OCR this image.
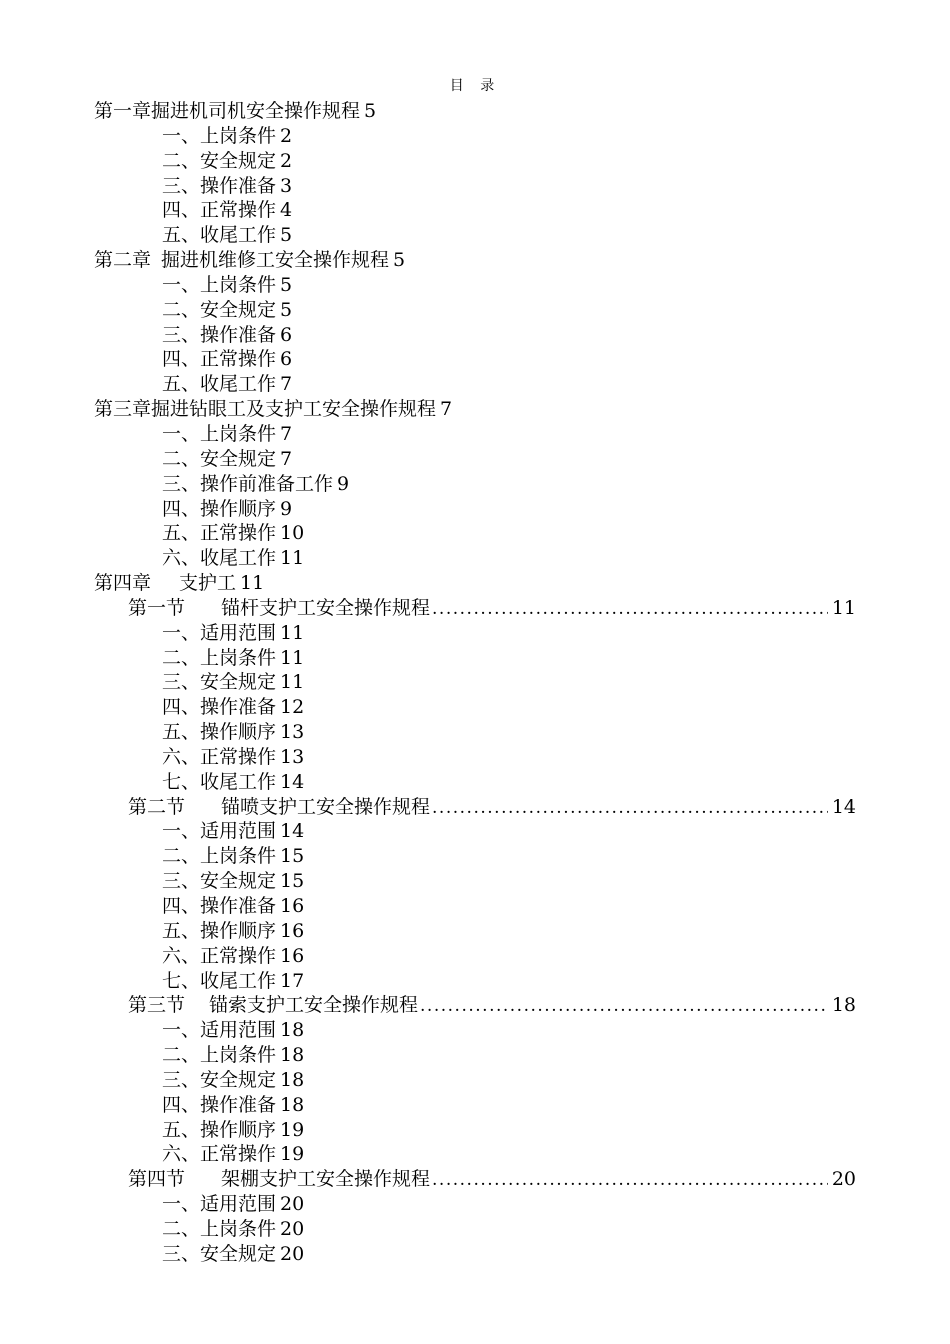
目 录
第一章 掘进机司机安全操作规程 5
一、上岗条件 2
二、安全规定 2
三、操作准备 3
四、正常操作 4
五、收尾工作 5
第二章 掘进机维修工安全操作规程 5
一、上岗条件 5
二、安全规定 5
三、操作准备 6
四、正常操作 6
五、收尾工作 7
第三章 掘进钻眼工及支护工安全操作规程 7
一、上岗条件 7
二、安全规定 7
三、操作前准备工作 9
四、操作顺序 9
五、正常操作 10
六、收尾工作 11
第四章 支护工 11
第一节 锚杆支护工安全操作规程 .....	11
一、适用范围 11
二、上岗条件 11
三、安全规定 11
四、操作准备 12
五、操作顺序 13
六、正常操作 13
七、收尾工作 14
第二节 锚喷支护工安全操作规程 .....	14
一、适用范围 14
二、上岗条件 15
三、安全规定 15
四、操作准备 16
五、操作顺序 16
六、正常操作 16
七、收尾工作 17
第三节 锚索支护工安全操作规程 .....	18
一、适用范围 18
二、上岗条件 18
三、安全规定 18
四、操作准备 18
五、操作顺序 19
六、正常操作 19
第四节 架棚支护工安全操作规程 .....	20
一、适用范围 20
二、上岗条件 20
三、安全规定 20
